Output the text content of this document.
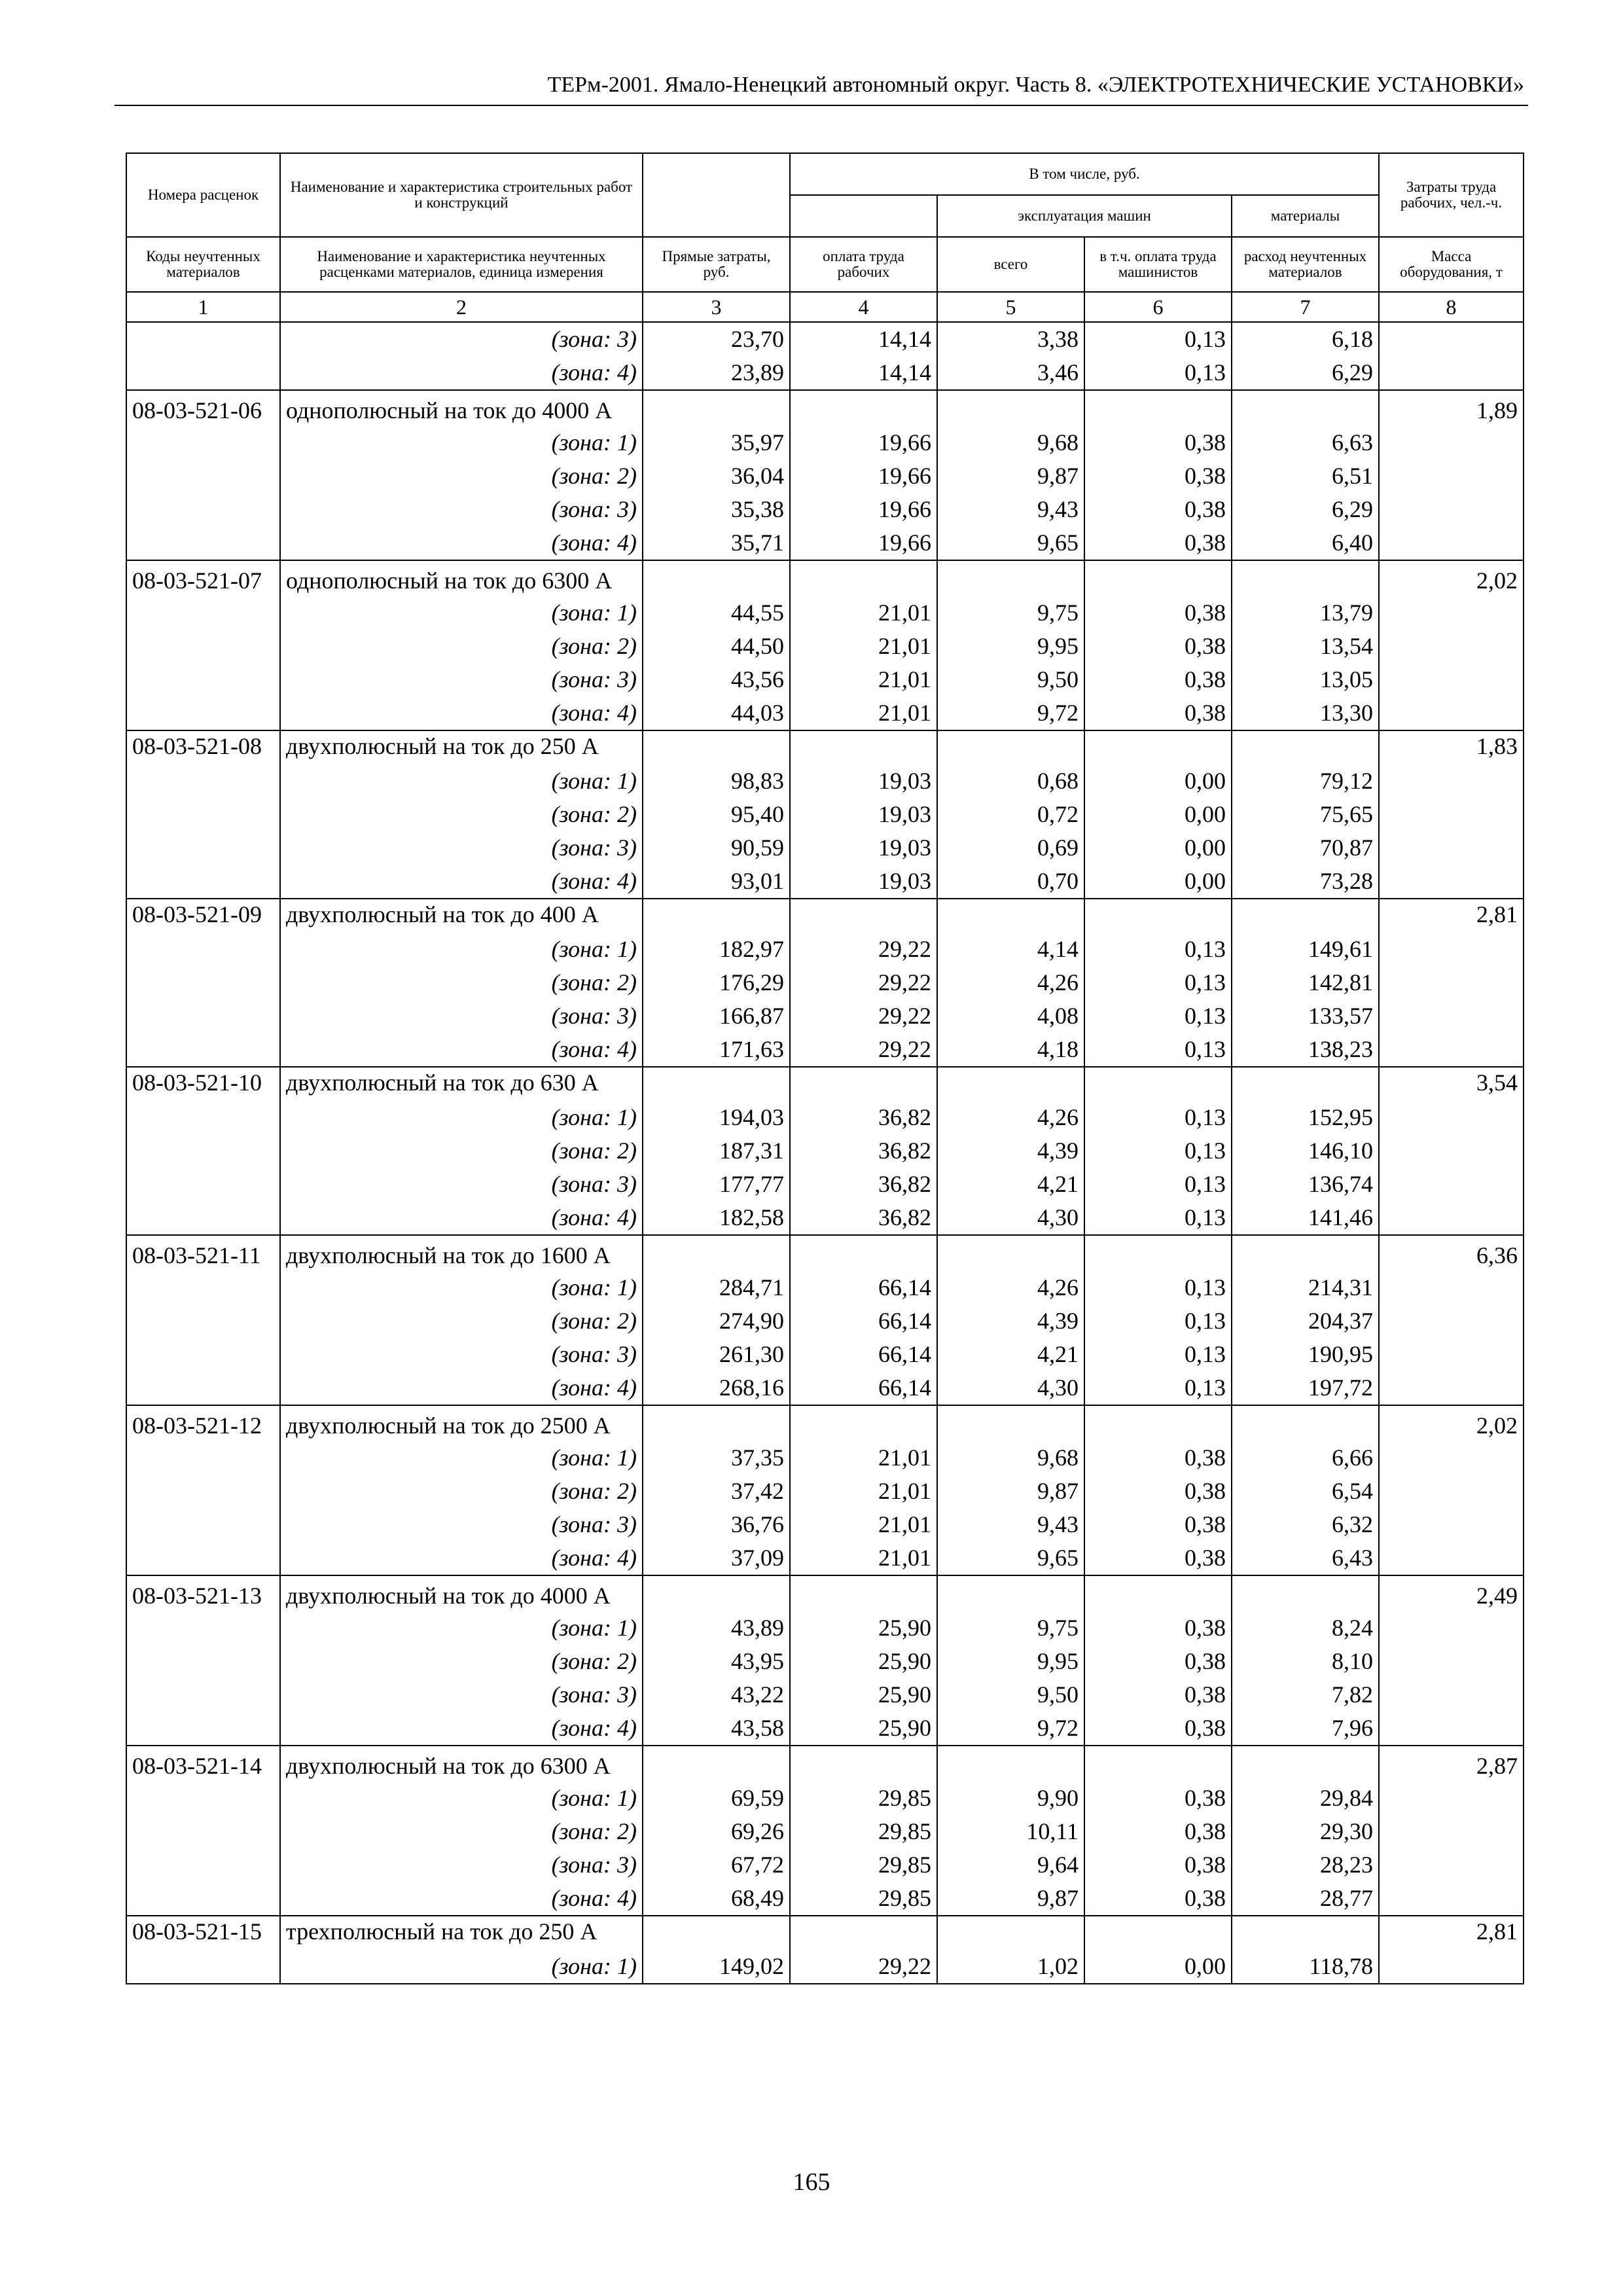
ТЕРм-2001. Ямало-Ненецкий автономный округ. Часть 8. «ЭЛЕКТРОТЕХНИЧЕСКИЕ УСТАНОВКИ»
Номера расценок	Наименование и характеристика строительных работ и конструкций		В том числе, руб.				Затраты труда рабочих, чел.-ч.
				эксплуатация машин		материалы	

Коды неучтенных материалов	Наименование и характеристика неучтенных расценками материалов, единица измерения	Прямые затраты, руб.	оплата труда рабочих	всего	в т.ч. оплата труда машинистов	расход неучтенных материалов	Масса оборудования, т
1	2	3	4	5	6	7	8
	(зона: 3)	23,70	14,14	3,38	0,13	6,18	
	(зона: 4)	23,89	14,14	3,46	0,13	6,29	
08-03-521-06	однополюсный на ток до 4000 А						1,89
	(зона: 1)	35,97	19,66	9,68	0,38	6,63	
	(зона: 2)	36,04	19,66	9,87	0,38	6,51	
	(зона: 3)	35,38	19,66	9,43	0,38	6,29	
	(зона: 4)	35,71	19,66	9,65	0,38	6,40	
08-03-521-07	однополюсный на ток до 6300 А						2,02
	(зона: 1)	44,55	21,01	9,75	0,38	13,79	
	(зона: 2)	44,50	21,01	9,95	0,38	13,54	
	(зона: 3)	43,56	21,01	9,50	0,38	13,05	
	(зона: 4)	44,03	21,01	9,72	0,38	13,30	
08-03-521-08	двухполюсный на ток до 250 А						1,83
	(зона: 1)	98,83	19,03	0,68	0,00	79,12	
	(зона: 2)	95,40	19,03	0,72	0,00	75,65	
	(зона: 3)	90,59	19,03	0,69	0,00	70,87	
	(зона: 4)	93,01	19,03	0,70	0,00	73,28	
08-03-521-09	двухполюсный на ток до 400 А						2,81
	(зона: 1)	182,97	29,22	4,14	0,13	149,61	
	(зона: 2)	176,29	29,22	4,26	0,13	142,81	
	(зона: 3)	166,87	29,22	4,08	0,13	133,57	
	(зона: 4)	171,63	29,22	4,18	0,13	138,23	
08-03-521-10	двухполюсный на ток до 630 А						3,54
	(зона: 1)	194,03	36,82	4,26	0,13	152,95	
	(зона: 2)	187,31	36,82	4,39	0,13	146,10	
	(зона: 3)	177,77	36,82	4,21	0,13	136,74	
	(зона: 4)	182,58	36,82	4,30	0,13	141,46	
08-03-521-11	двухполюсный на ток до 1600 А						6,36
	(зона: 1)	284,71	66,14	4,26	0,13	214,31	
	(зона: 2)	274,90	66,14	4,39	0,13	204,37	
	(зона: 3)	261,30	66,14	4,21	0,13	190,95	
	(зона: 4)	268,16	66,14	4,30	0,13	197,72	
08-03-521-12	двухполюсный на ток до 2500 А						2,02
	(зона: 1)	37,35	21,01	9,68	0,38	6,66	
	(зона: 2)	37,42	21,01	9,87	0,38	6,54	
	(зона: 3)	36,76	21,01	9,43	0,38	6,32	
	(зона: 4)	37,09	21,01	9,65	0,38	6,43	
08-03-521-13	двухполюсный на ток до 4000 А						2,49
	(зона: 1)	43,89	25,90	9,75	0,38	8,24	
	(зона: 2)	43,95	25,90	9,95	0,38	8,10	
	(зона: 3)	43,22	25,90	9,50	0,38	7,82	
	(зона: 4)	43,58	25,90	9,72	0,38	7,96	
08-03-521-14	двухполюсный на ток до 6300 А						2,87
	(зона: 1)	69,59	29,85	9,90	0,38	29,84	
	(зона: 2)	69,26	29,85	10,11	0,38	29,30	
	(зона: 3)	67,72	29,85	9,64	0,38	28,23	
	(зона: 4)	68,49	29,85	9,87	0,38	28,77	
08-03-521-15	трехполюсный на ток до 250 А						2,81
	(зона: 1)	149,02	29,22	1,02	0,00	118,78	
165
